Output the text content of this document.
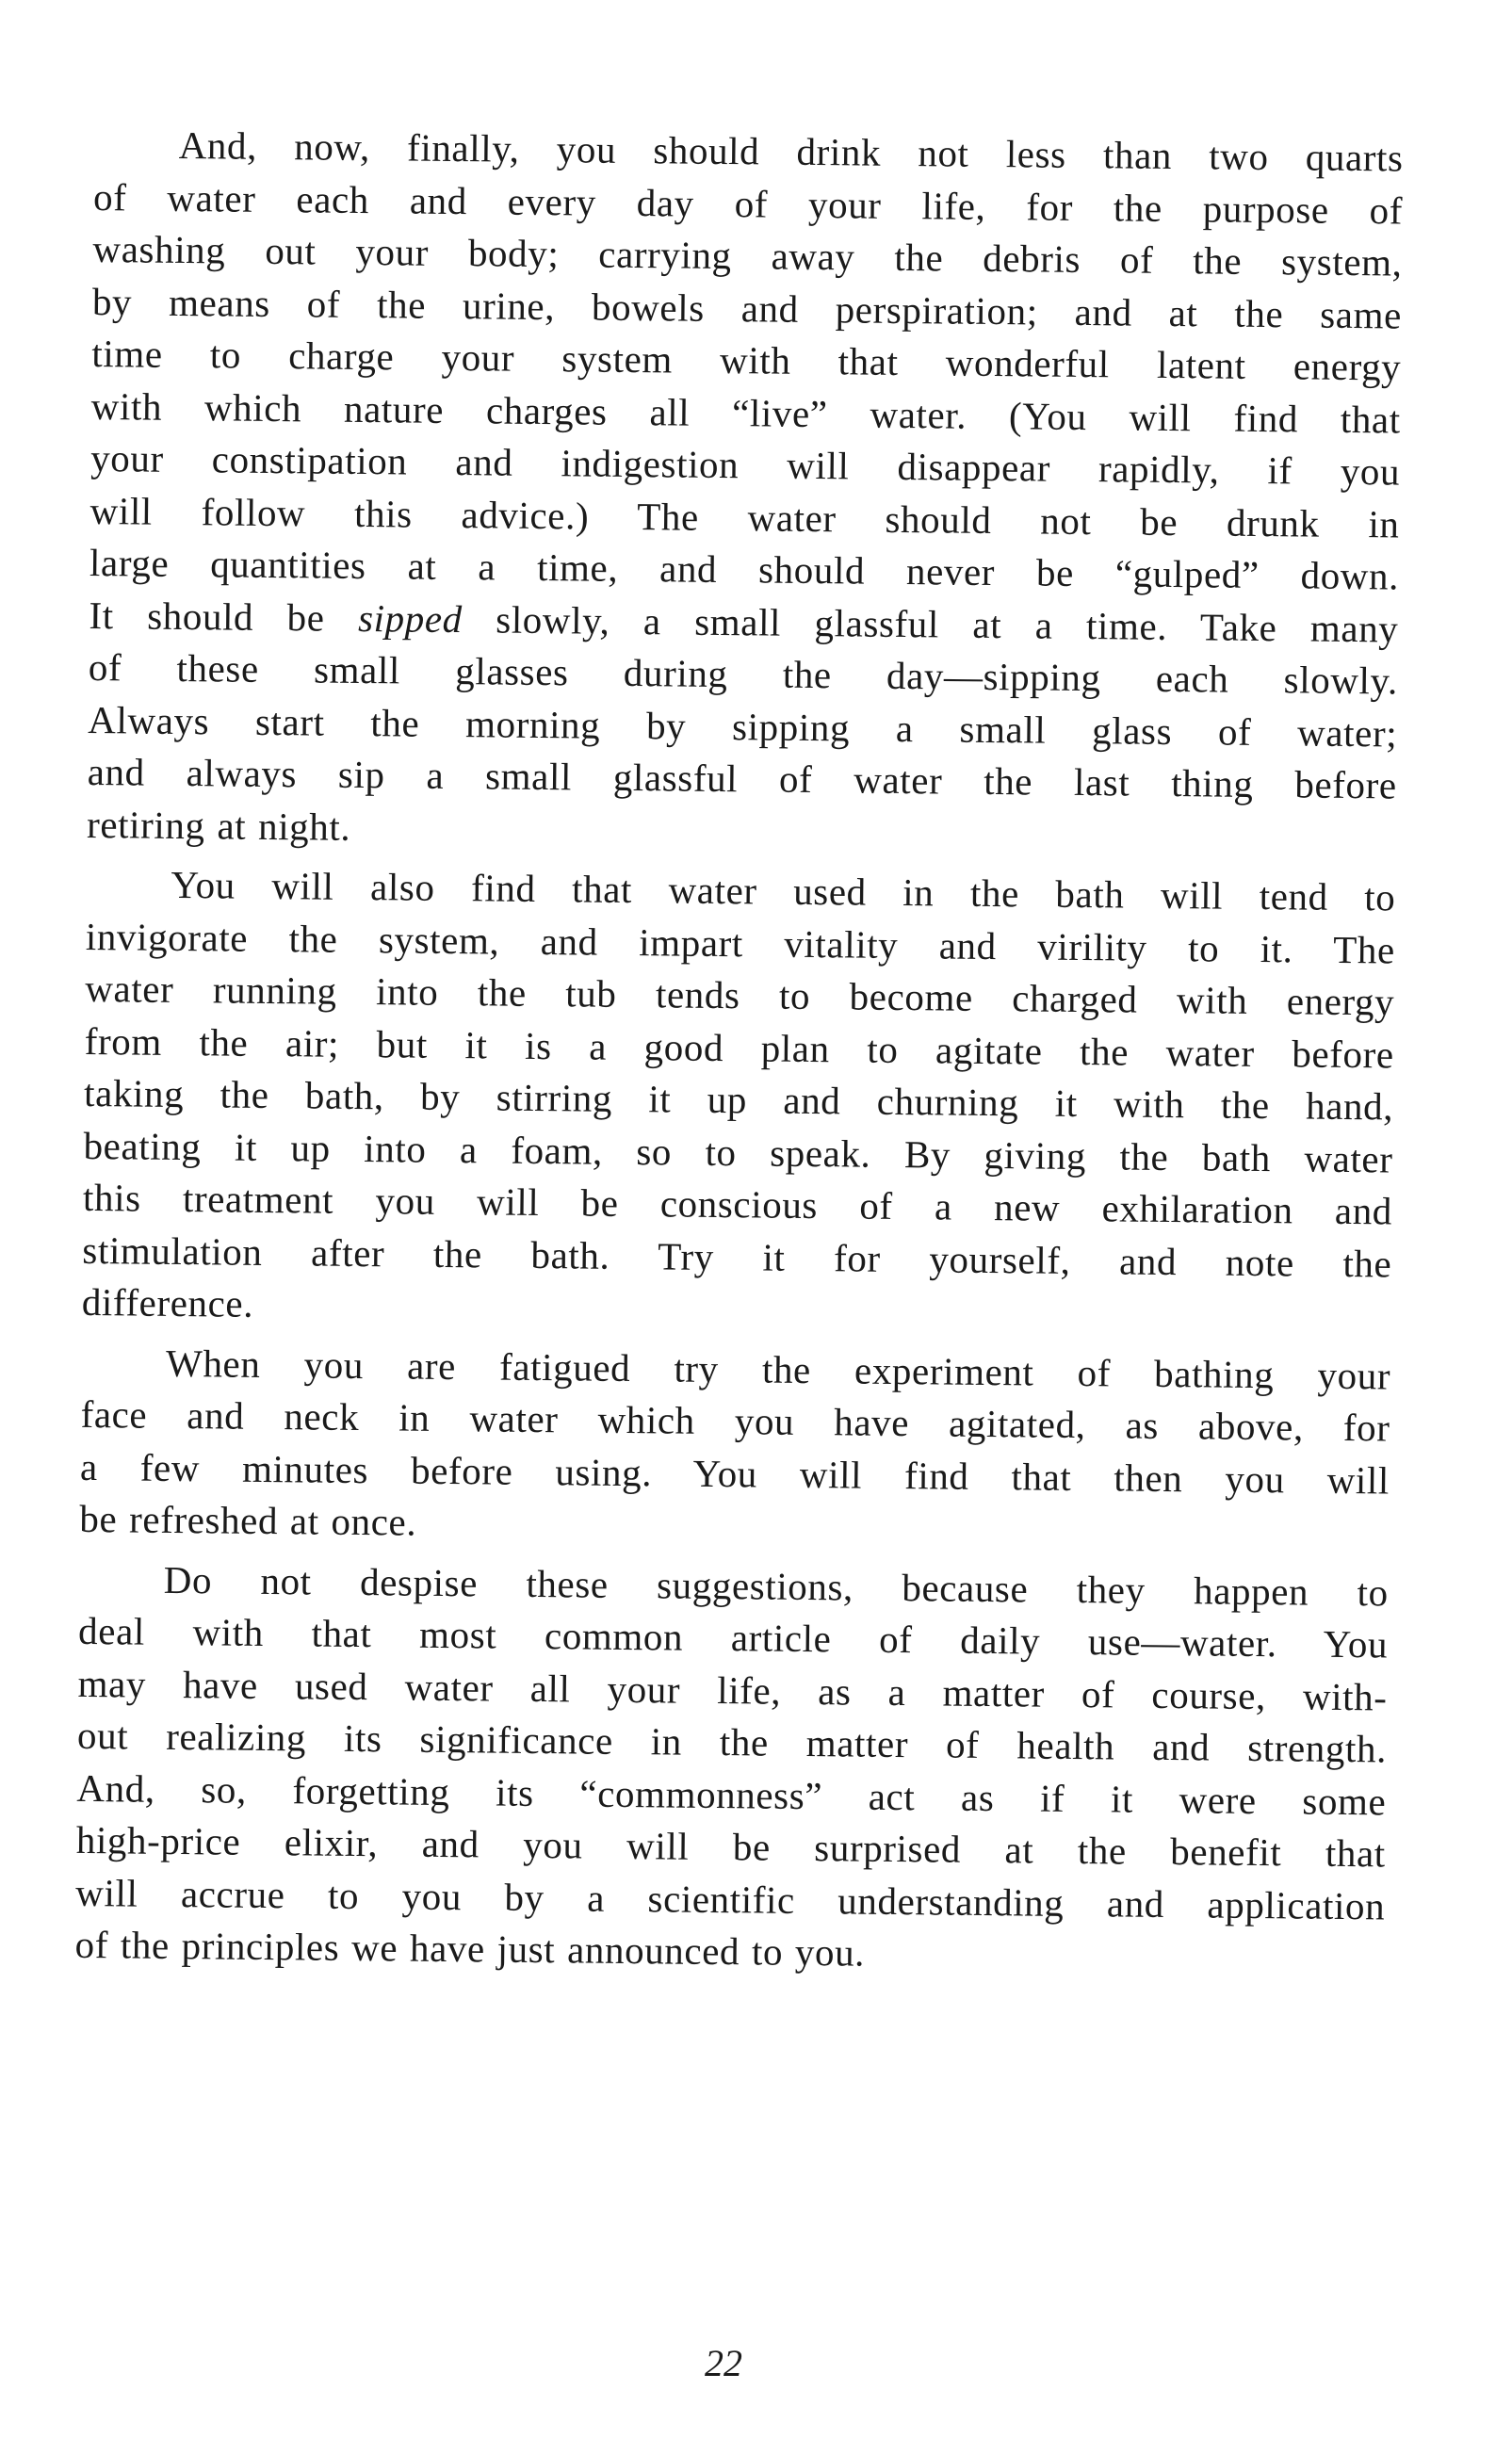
And, now, finally, you should drink not less than two quarts
of water each and every day of your life, for the purpose of
washing out your body; carrying away the debris of the system,
by means of the urine, bowels and perspiration; and at the same
time to charge your system with that wonderful latent energy
with which nature charges all “live” water. (You will find that
your constipation and indigestion will disappear rapidly, if you
will follow this advice.) The water should not be drunk in
large quantities at a time, and should never be “gulped” down.
It should be sipped slowly, a small glassful at a time. Take many
of these small glasses during the day—sipping each slowly.
Always start the morning by sipping a small glass of water;
and always sip a small glassful of water the last thing before
retiring at night.
You will also find that water used in the bath will tend to
invigorate the system, and impart vitality and virility to it. The
water running into the tub tends to become charged with energy
from the air; but it is a good plan to agitate the water before
taking the bath, by stirring it up and churning it with the hand,
beating it up into a foam, so to speak. By giving the bath water
this treatment you will be conscious of a new exhilaration and
stimulation after the bath. Try it for yourself, and note the
difference.
When you are fatigued try the experiment of bathing your
face and neck in water which you have agitated, as above, for
a few minutes before using. You will find that then you will
be refreshed at once.
Do not despise these suggestions, because they happen to
deal with that most common article of daily use—water. You
may have used water all your life, as a matter of course, with-
out realizing its significance in the matter of health and strength.
And, so, forgetting its “commonness” act as if it were some
high-price elixir, and you will be surprised at the benefit that
will accrue to you by a scientific understanding and application
of the principles we have just announced to you.
22
